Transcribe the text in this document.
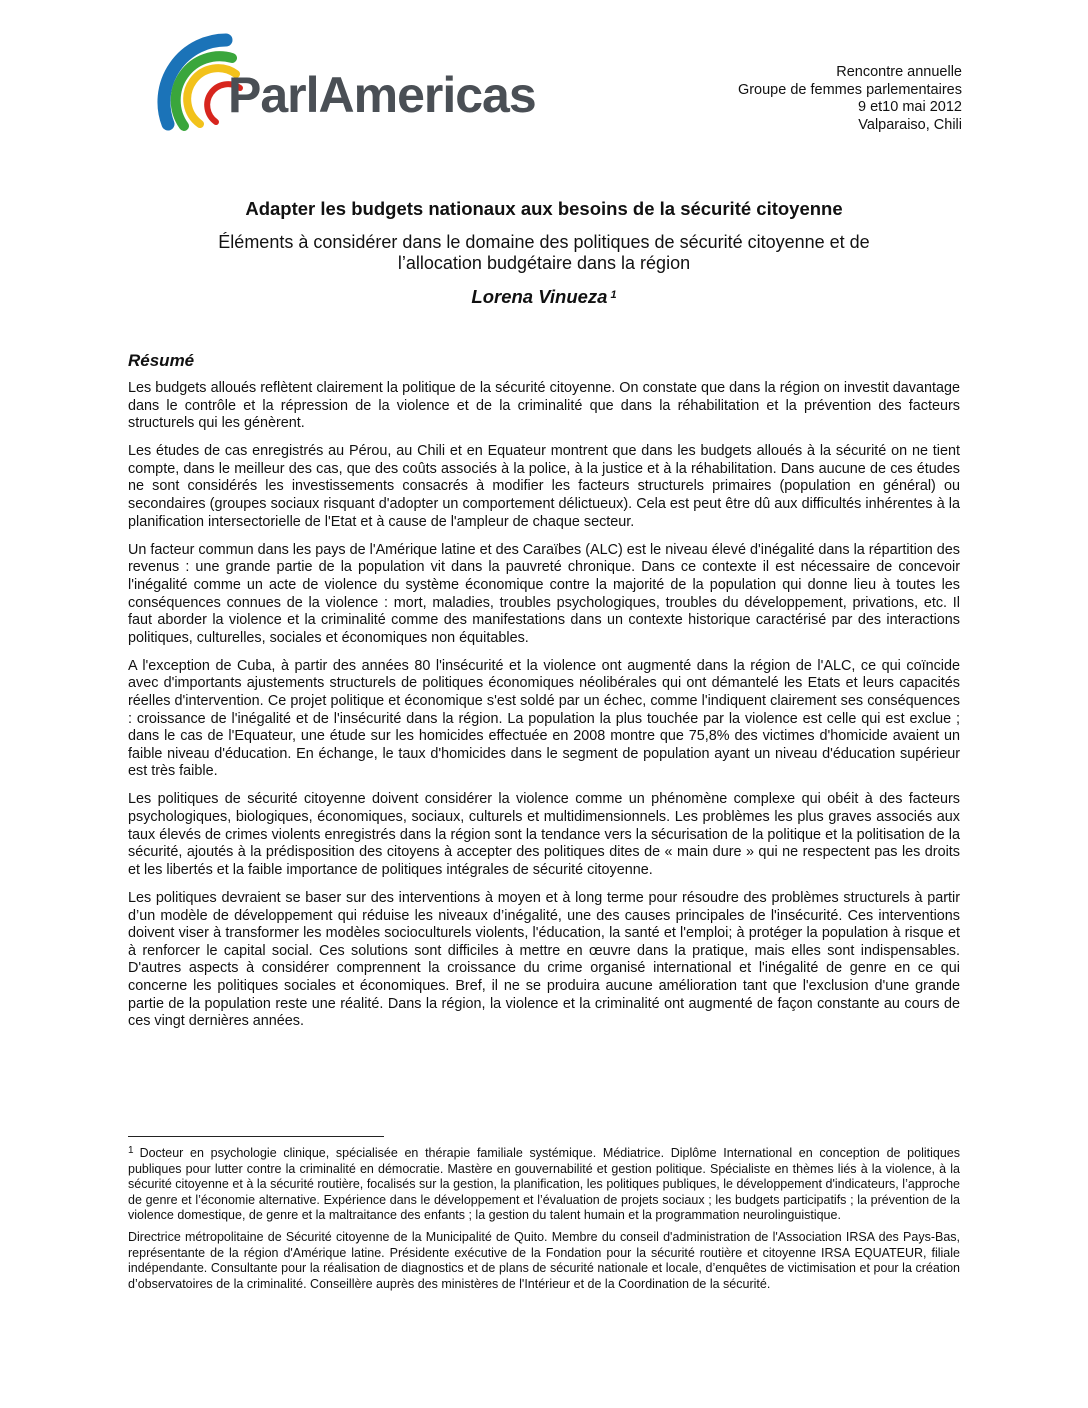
ParlAmericas	Rencontre annuelle
Groupe de femmes parlementaires
9 et10 mai 2012
Valparaiso, Chili
Adapter les budgets nationaux aux besoins de la sécurité citoyenne
Éléments à considérer dans le domaine des politiques de sécurité citoyenne et de l’allocation budgétaire dans la région
Lorena Vinueza $^1$
Résumé

Les budgets alloués reflètent clairement la politique de la sécurité citoyenne. On constate que dans la région on investit davantage dans le contrôle et la répression de la violence et de la criminalité que dans la réhabilitation et la prévention des facteurs structurels qui les génèrent.

Les études de cas enregistrés au Pérou, au Chili et en Equateur montrent que dans les budgets alloués à la sécurité on ne tient compte, dans le meilleur des cas, que des coûts associés à la police, à la justice et à la réhabilitation. Dans aucune de ces études ne sont considérés les investissements consacrés à modifier les facteurs structurels primaires (population en général) ou secondaires (groupes sociaux risquant d'adopter un comportement délictueux). Cela est peut être dû aux difficultés inhérentes à la planification intersectorielle de l'Etat et à cause de l'ampleur de chaque secteur.

Un facteur commun dans les pays de l'Amérique latine et des Caraïbes (ALC) est le niveau élevé d'inégalité dans la répartition des revenus : une grande partie de la population vit dans la pauvreté chronique. Dans ce contexte il est nécessaire de concevoir l'inégalité comme un acte de violence du système économique contre la majorité de la population qui donne lieu à toutes les conséquences connues de la violence : mort, maladies, troubles psychologiques, troubles du développement, privations, etc. Il faut aborder la violence et la criminalité comme des manifestations dans un contexte historique caractérisé par des interactions politiques, culturelles, sociales et économiques non équitables.

A l'exception de Cuba, à partir des années 80 l'insécurité et la violence ont augmenté dans la région de l'ALC, ce qui coïncide avec d'importants ajustements structurels de politiques économiques néolibérales qui ont démantelé les Etats et leurs capacités réelles d'intervention. Ce projet politique et économique s'est soldé par un échec, comme l'indiquent clairement ses conséquences : croissance de l'inégalité et de l'insécurité dans la région. La population la plus touchée par la violence est celle qui est exclue ; dans le cas de l'Equateur, une étude sur les homicides effectuée en 2008 montre que 75,8% des victimes d'homicide avaient un faible niveau d'éducation. En échange, le taux d'homicides dans le segment de population ayant un niveau d'éducation supérieur est très faible.

Les politiques de sécurité citoyenne doivent considérer la violence comme un phénomène complexe qui obéit à des facteurs psychologiques, biologiques, économiques, sociaux, culturels et multidimensionnels. Les problèmes les plus graves associés aux taux élevés de crimes violents enregistrés dans la région sont la tendance vers la sécurisation de la politique et la politisation de la sécurité, ajoutés à la prédisposition des citoyens à accepter des politiques dites de « main dure » qui ne respectent pas les droits et les libertés et la faible importance de politiques intégrales de sécurité citoyenne.

Les politiques devraient se baser sur des interventions à moyen et à long terme pour résoudre des problèmes structurels à partir d’un modèle de développement qui réduise les niveaux d’inégalité, une des causes principales de l'insécurité. Ces interventions doivent viser à transformer les modèles socioculturels violents, l'éducation, la santé et l'emploi; à protéger la population à risque et à renforcer le capital social. Ces solutions sont difficiles à mettre en œuvre dans la pratique, mais elles sont indispensables. D'autres aspects à considérer comprennent la croissance du crime organisé international et l'inégalité de genre en ce qui concerne les politiques sociales et économiques. Bref, il ne se produira aucune amélioration tant que l'exclusion d'une grande partie de la population reste une réalité. Dans la région, la violence et la criminalité ont augmenté de façon constante au cours de ces vingt dernières années.

$^1$ Docteur en psychologie clinique, spécialisée en thérapie familiale systémique. Médiatrice. Diplôme International en conception de politiques publiques pour lutter contre la criminalité en démocratie. Mastère en gouvernabilité et gestion politique. Spécialiste en thèmes liés à la violence, à la sécurité citoyenne et à la sécurité routière, focalisés sur la gestion, la planification, les politiques publiques, le développement d'indicateurs, l’approche de genre et l’économie alternative. Expérience dans le développement et l’évaluation de projets sociaux ; les budgets participatifs ; la prévention de la violence domestique, de genre et la maltraitance des enfants ; la gestion du talent humain et la programmation neurolinguistique.

Directrice métropolitaine de Sécurité citoyenne de la Municipalité de Quito. Membre du conseil d'administration de l'Association IRSA des Pays-Bas, représentante de la région d'Amérique latine. Présidente exécutive de la Fondation pour la sécurité routière et citoyenne IRSA EQUATEUR, filiale indépendante. Consultante pour la réalisation de diagnostics et de plans de sécurité nationale et locale, d’enquêtes de victimisation et pour la création d’observatoires de la criminalité. Conseillère auprès des ministères de l'Intérieur et de la Coordination de la sécurité.
